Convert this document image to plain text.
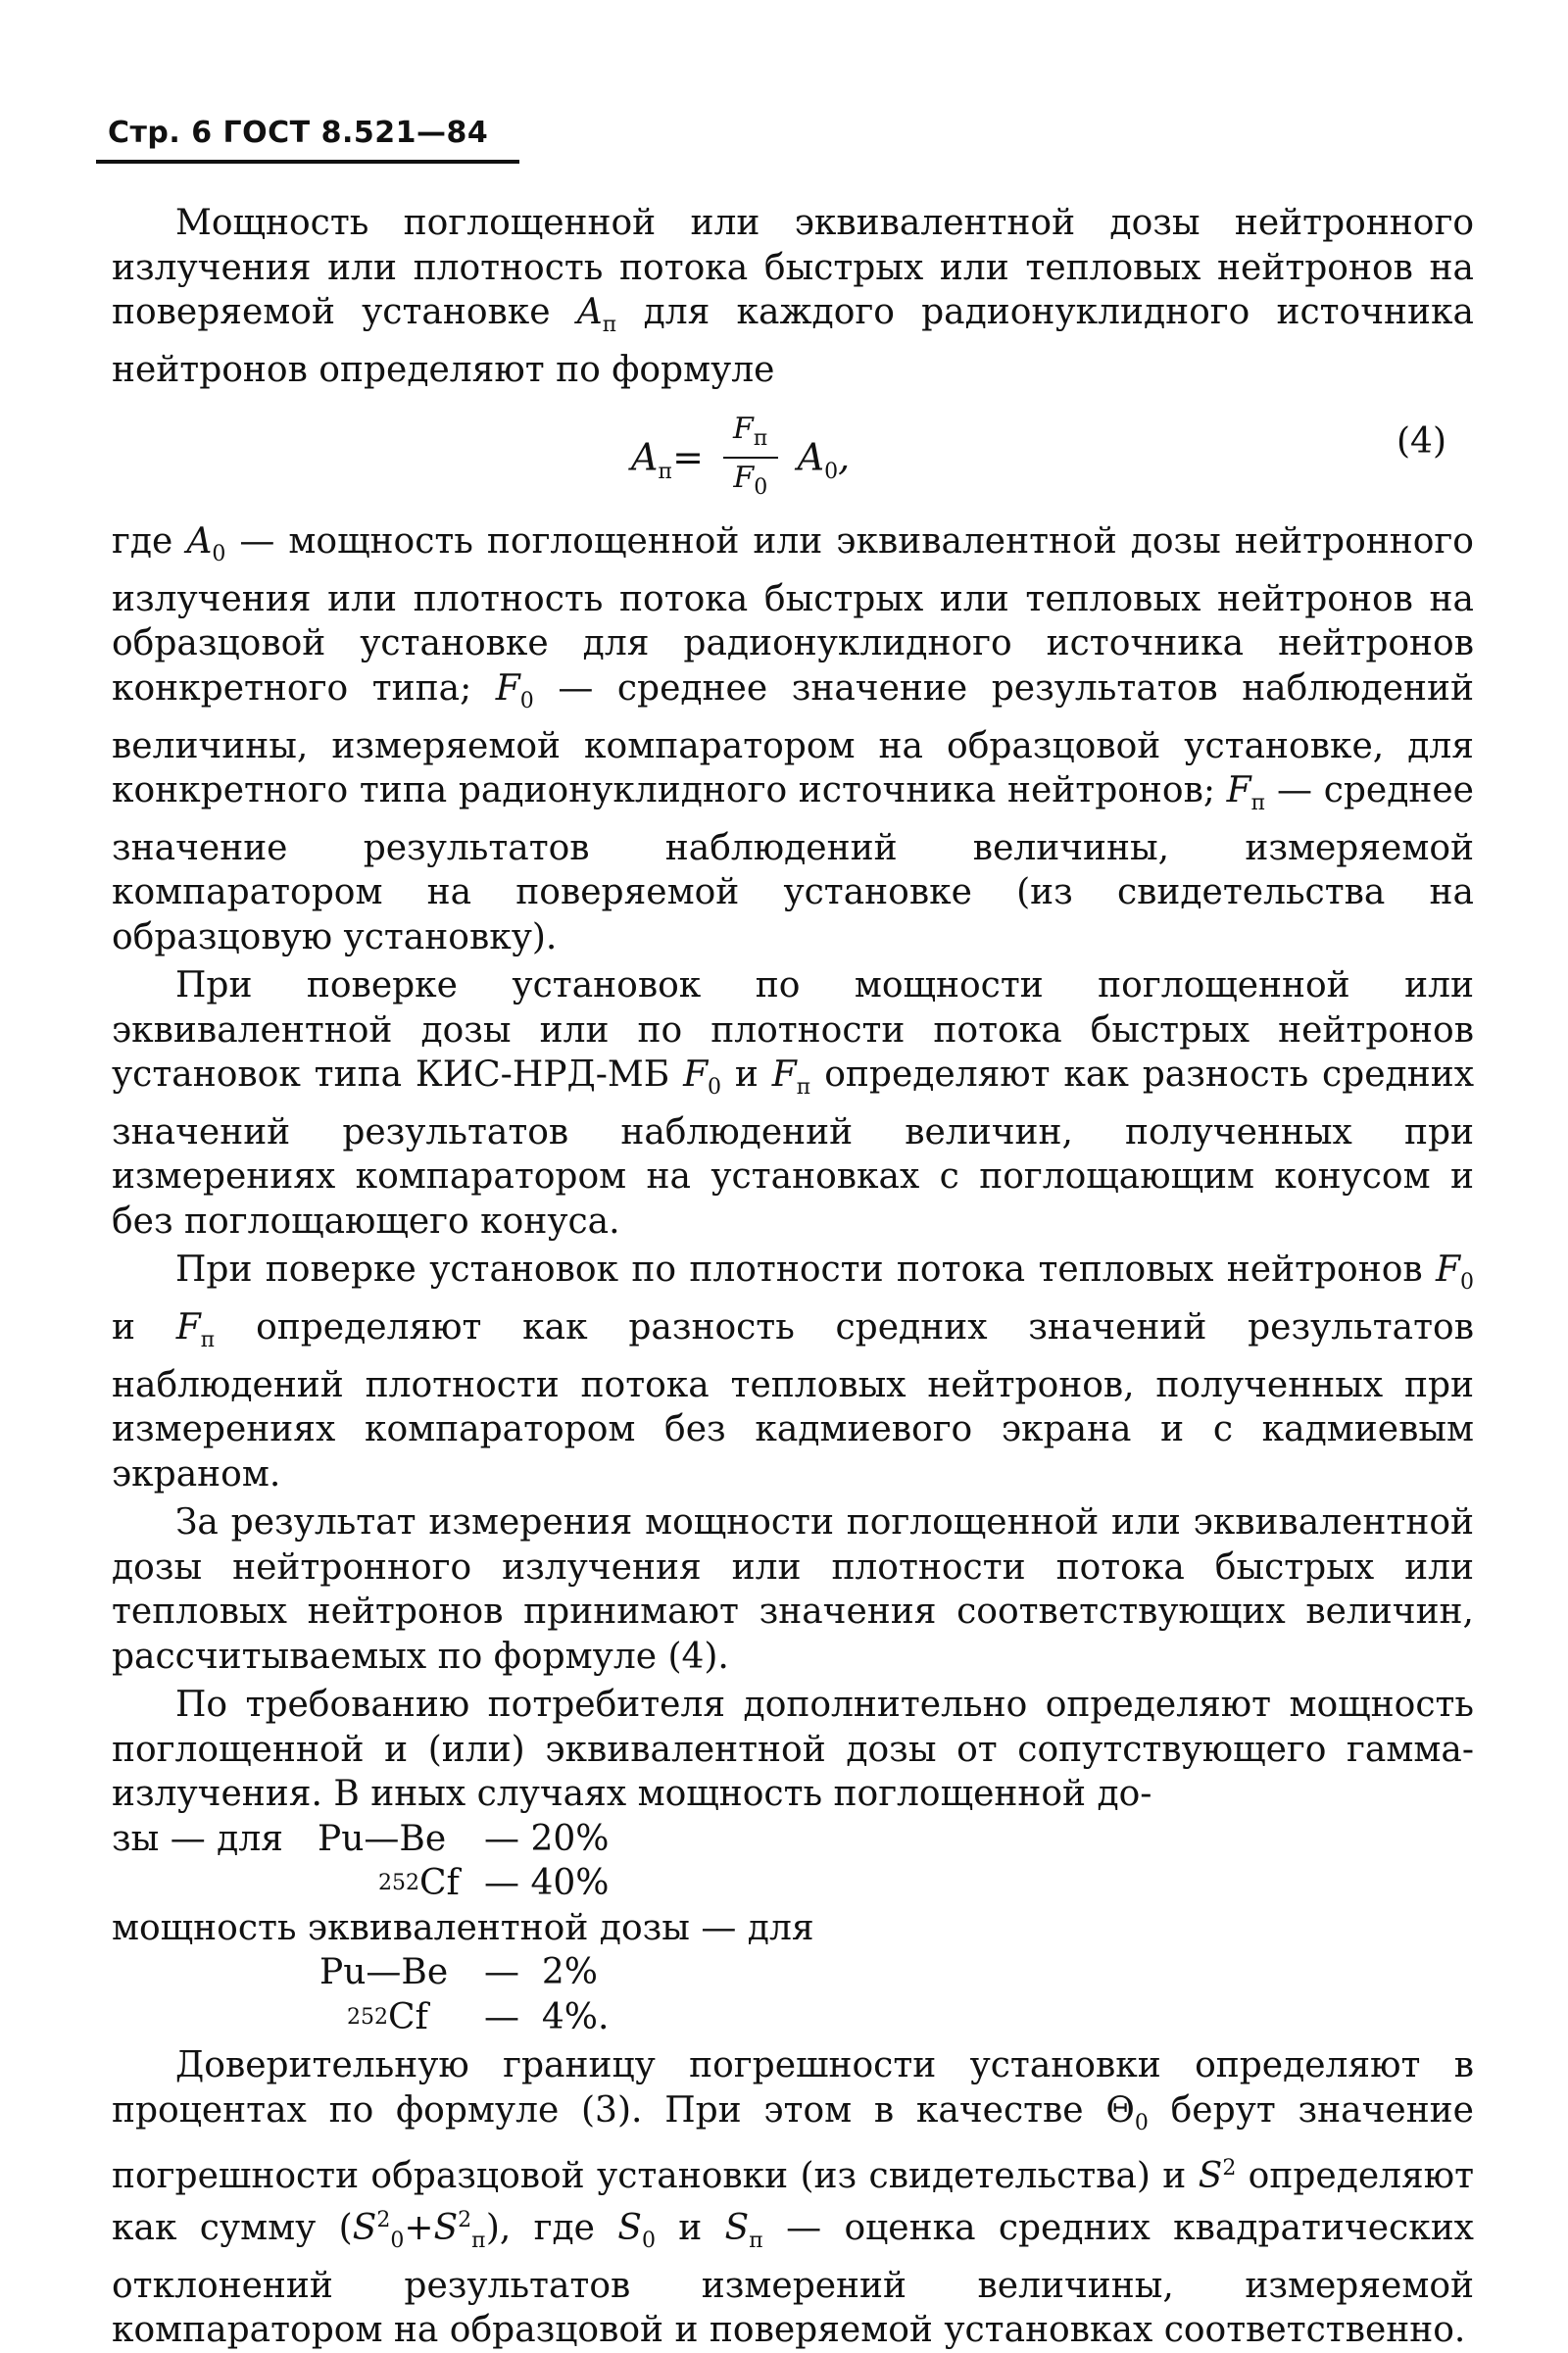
Стр. 6 ГОСТ 8.521—84

Мощность поглощенной или эквивалентной дозы нейтронного излучения или плотность потока быстрых или тепловых нейтронов на поверяемой установке $A_п$ для каждого радионуклидного источника нейтронов определяют по формуле

$A_п= \frac{F_п}{F_0} A_0$,	(4)

где $A_0$ — мощность поглощенной или эквивалентной дозы нейтронного излучения или плотность потока быстрых или тепловых нейтронов на образцовой установке для радионуклидного источника нейтронов конкретного типа; $F_0$ — среднее значение результатов наблюдений величины, измеряемой компаратором на образцовой установке, для конкретного типа радионуклидного источника нейтронов; $F_п$ — среднее значение результатов наблюдений величины, измеряемой компаратором на поверяемой установке (из свидетельства на образцовую установку).

При поверке установок по мощности поглощенной или эквивалентной дозы или по плотности потока быстрых нейтронов установок типа КИС-НРД-МБ $F_0$ и $F_п$ определяют как разность средних значений результатов наблюдений величин, полученных при измерениях компаратором на установках с поглощающим конусом и без поглощающего конуса.

При поверке установок по плотности потока тепловых нейтронов $F_0$ и $F_п$ определяют как разность средних значений результатов наблюдений плотности потока тепловых нейтронов, полученных при измерениях компаратором без кадмиевого экрана и с кадмиевым экраном.

За результат измерения мощности поглощенной или эквивалентной дозы нейтронного излучения или плотности потока быстрых или тепловых нейтронов принимают значения соответствующих величин, рассчитываемых по формуле (4).

По требованию потребителя дополнительно определяют мощность поглощенной и (или) эквивалентной дозы от сопутствующего гамма-излучения. В иных случаях мощность поглощенной до-

зы — для Pu—Be — 20%
$^{252}$ Cf — 40%

мощность эквивалентной дозы — для

Pu—Be —  2%
$^{252}$ Cf —  4%.

Доверительную границу погрешности установки определяют в процентах по формуле (3). При этом в качестве $\Theta_0$ берут значение погрешности образцовой установки (из свидетельства) и $S^2$ определяют как сумму $(S^2_0+S^2_п)$, где $S_0$ и $S_п$ — оценка средних квадратических отклонений результатов измерений величины, измеряемой компаратором на образцовой и поверяемой установках соответственно.
